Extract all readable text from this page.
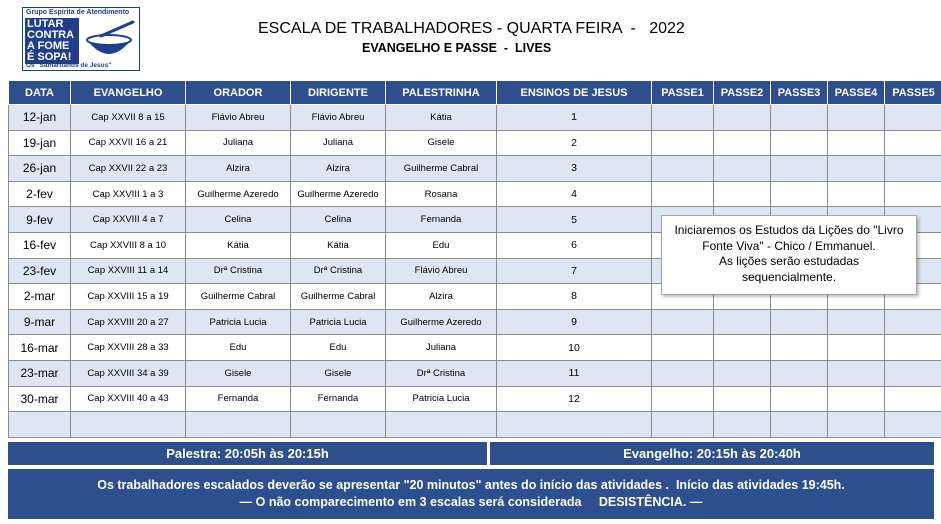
Grupo Espírita de Atendimento
LUTAR
CONTRA
A FOME
É SOPA!
Os "Samaritanos de Jesus"
ESCALA DE TRABALHADORES - QUARTA FEIRA  -   2022
EVANGELHO E PASSE  -  LIVES
DATA	EVANGELHO	ORADOR	DIRIGENTE	PALESTRINHA	ENSINOS DE JESUS	PASSE1	PASSE2	PASSE3	PASSE4	PASSE5
12-jan	Cap XXVII 8 a 15	Flávio Abreu	Flávio Abreu	Kátia	1					
19-jan	Cap XXVII 16 a 21	Juliana	Juliana	Gisele	2					
26-jan	Cap XXVII 22 a 23	Alzira	Alzira	Guilherme Cabral	3					
2-fev	Cap XXVIII 1 a 3	Guilherme Azeredo	Guilherme Azeredo	Rosana	4					
9-fev	Cap XXVIII 4 a 7	Celina	Celina	Fernanda	5					
16-fev	Cap XXVIII 8 a 10	Kátia	Kátia	Edu	6					
23-fev	Cap XXVIII 11 a 14	Drª Cristina	Drª Cristina	Flávio Abreu	7					
2-mar	Cap XXVIII 15 a 19	Guilherme Cabral	Guilherme Cabral	Alzira	8					
9-mar	Cap XXVIII 20 a 27	Patricia Lucia	Patricia Lucia	Guilherme Azeredo	9					
16-mar	Cap XXVIII 28 a 33	Edu	Edu	Juliana	10					
23-mar	Cap XXVIII 34 a 39	Gisele	Gisele	Drª Cristina	11					
30-mar	Cap XXVIII 40 a 43	Fernanda	Fernanda	Patricia Lucia	12					

Iniciaremos os Estudos da Lições do "Livro
Fonte Viva" - Chico / Emmanuel.
As lições serão estudadas
sequencialmente.
Palestra: 20:05h às 20:15h	Evangelho: 20:15h às 20:40h
Os trabalhadores escalados deverão se apresentar "20 minutos" antes do início das atividades .  Início das atividades 19:45h.
— O não comparecimento em 3 escalas será considerada     DESISTÊNCIA. —
